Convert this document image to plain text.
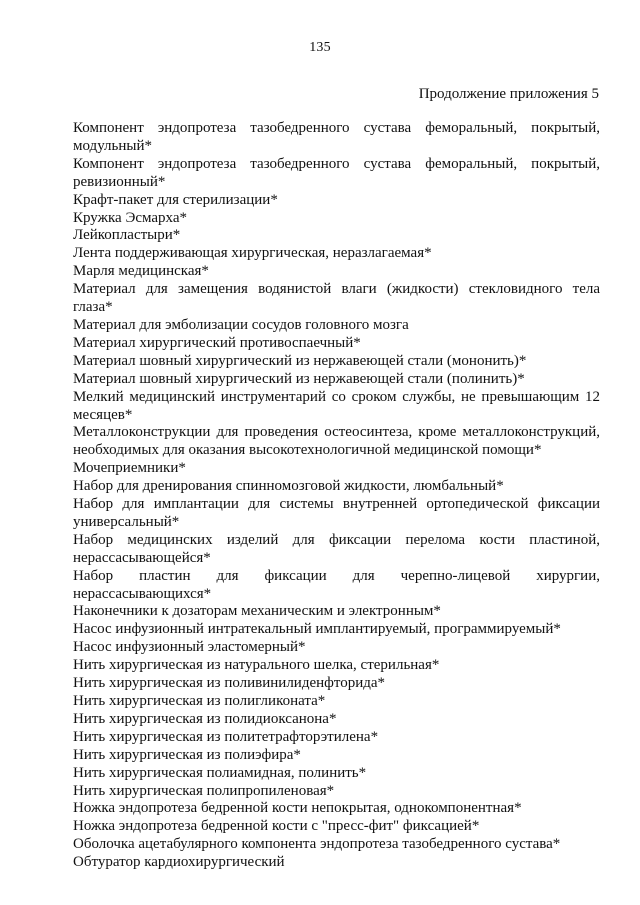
135
Продолжение приложения 5
Компонент эндопротеза тазобедренного сустава феморальный, покрытый,
модульный*
Компонент эндопротеза тазобедренного сустава феморальный, покрытый,
ревизионный*
Крафт-пакет для стерилизации*
Кружка Эсмарха*
Лейкопластыри*
Лента поддерживающая хирургическая, неразлагаемая*
Марля медицинская*
Материал для замещения водянистой влаги (жидкости) стекловидного тела
глаза*
Материал для эмболизации сосудов головного мозга
Материал хирургический противоспаечный*
Материал шовный хирургический из нержавеющей стали (мононить)*
Материал шовный хирургический из нержавеющей стали (полинить)*
Мелкий медицинский инструментарий со сроком службы, не превышающим 12
месяцев*
Металлоконструкции для проведения остеосинтеза, кроме металлоконструкций,
необходимых для оказания высокотехнологичной медицинской помощи*
Мочеприемники*
Набор для дренирования спинномозговой жидкости, люмбальный*
Набор для имплантации для системы внутренней ортопедической фиксации
универсальный*
Набор медицинских изделий для фиксации перелома кости пластиной,
нерассасывающейся*
Набор пластин для фиксации для черепно-лицевой хирургии,
нерассасывающихся*
Наконечники к дозаторам механическим и электронным*
Насос инфузионный интратекальный имплантируемый, программируемый*
Насос инфузионный эластомерный*
Нить хирургическая из натурального шелка, стерильная*
Нить хирургическая из поливинилиденфторида*
Нить хирургическая из полигликоната*
Нить хирургическая из полидиоксанона*
Нить хирургическая из политетрафторэтилена*
Нить хирургическая из полиэфира*
Нить хирургическая полиамидная, полинить*
Нить хирургическая полипропиленовая*
Ножка эндопротеза бедренной кости непокрытая, однокомпонентная*
Ножка эндопротеза бедренной кости с "пресс-фит" фиксацией*
Оболочка ацетабулярного компонента эндопротеза тазобедренного сустава*
Обтуратор кардиохирургический
